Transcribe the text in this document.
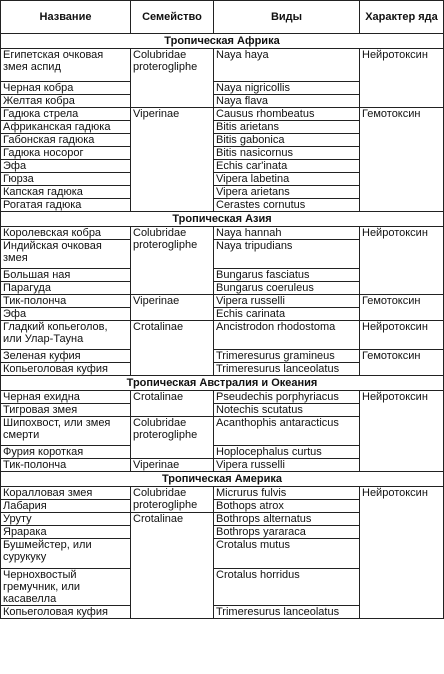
Название	Семейство	Виды	Характер яда
Тропическая Африка			
Египетская очковая змея аспид	Colubridae proteroglіphe	Naya haya	Нейротоксин
Черная кобра		Naya nigricollis	
Желтая кобра		Naya flava	
Гадюка стрела	Viperinae	Causus rhombeatus	Гемотоксин
Африканская гадюка		Bitis arietans	
Габонская гадюка		Bitis gabonica	
Гадюка носорог		Bitis nasicornus	
Эфа		Echis car'inata	
Гюрза		Vipera labetina	
Капская гадюка		Vipera arietans	
Рогатая гадюка		Cerastes cornutus	
Тропическая Азия			
Королевская кобра	Colubridae proteroglіphe	Naya hannah	Нейротоксин
Индийская очковая змея		Naya tripudians	
Большая ная		Bungarus fasciatus	
Парагуда		Bungarus coeruleus	
Тик-полонча	Viperinae	Vipera russelli	Гемотоксин
Эфа		Echis carinata	
Гладкий копьеголов, или Улар-Тауна	Crotalinae	Ancistrodon rhodostoma	Нейротоксин
Зеленая куфия		Trimeresurus gramineus	Гемотоксин
Копьеголовая куфия		Trimeresurus lanceolatus	
Тропическая Австралия и Океания			
Черная ехидна	Crotalinae	Pseudechis porphyriacus	Нейротоксин
Тигровая змея		Notechis scutatus	
Шипохвост, или змея смерти	Colubridae proteroglіphe	Acanthophis antaracticus	
Фурия короткая		Hoplocephalus curtus	
Тик-полонча	Viperinae	Vipera russelli	
Тропическая Америка			
Коралловая змея	Colubridae proteroglіphe	Micrurus fulvis	Нейротоксин
Лабария		Bothops atrox	
Уруту	Crotalinae	Bothrops alternatus	
Ярарака		Bothrops yararaca	
Бушмейстер, или сурукуку		Crotalus mutus	
Чернохвостый гремучник, или касавелла		Crotalus horridus	
Копьеголовая куфия		Trimeresurus lanceolatus	
